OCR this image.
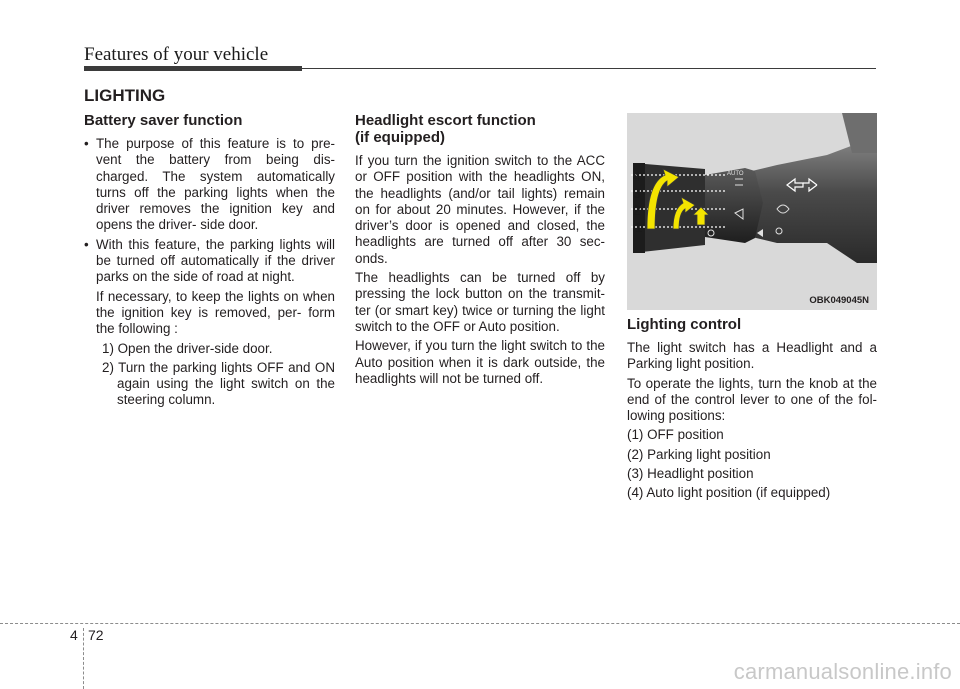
Features of your vehicle
LIGHTING
Battery saver function

• The purpose of this feature is to pre- vent the battery from being dis- charged. The system automatically turns off the parking lights when the driver removes the ignition key and opens the driver- side door.

• With this feature, the parking lights will be turned off automatically if the driver parks on the side of road at night.

If necessary, to keep the lights on when the ignition key is removed, per- form the following :

1) Open the driver-side door.

2) Turn the parking lights OFF and ON again using the light switch on the steering column.

Headlight escort function
(if equipped)

If you turn the ignition switch to the ACC or OFF position with the headlights ON, the headlights (and/or tail lights) remain on for about 20 minutes. However, if the driver’s door is opened and closed, the headlights are turned off after 30 sec- onds.

The headlights can be turned off by pressing the lock button on the transmit- ter (or smart key) twice or turning the light switch to the OFF or Auto position.

However, if you turn the light switch to the Auto position when it is dark outside, the headlights will not be turned off.

4
3
2
1
AUTO
OBK049045N
Lighting control

The light switch has a Headlight and a Parking light position.

To operate the lights, turn the knob at the end of the control lever to one of the fol- lowing positions:

(1) OFF position

(2) Parking light position

(3) Headlight position

(4) Auto light position (if equipped)

4 72
carmanualsonline.info
